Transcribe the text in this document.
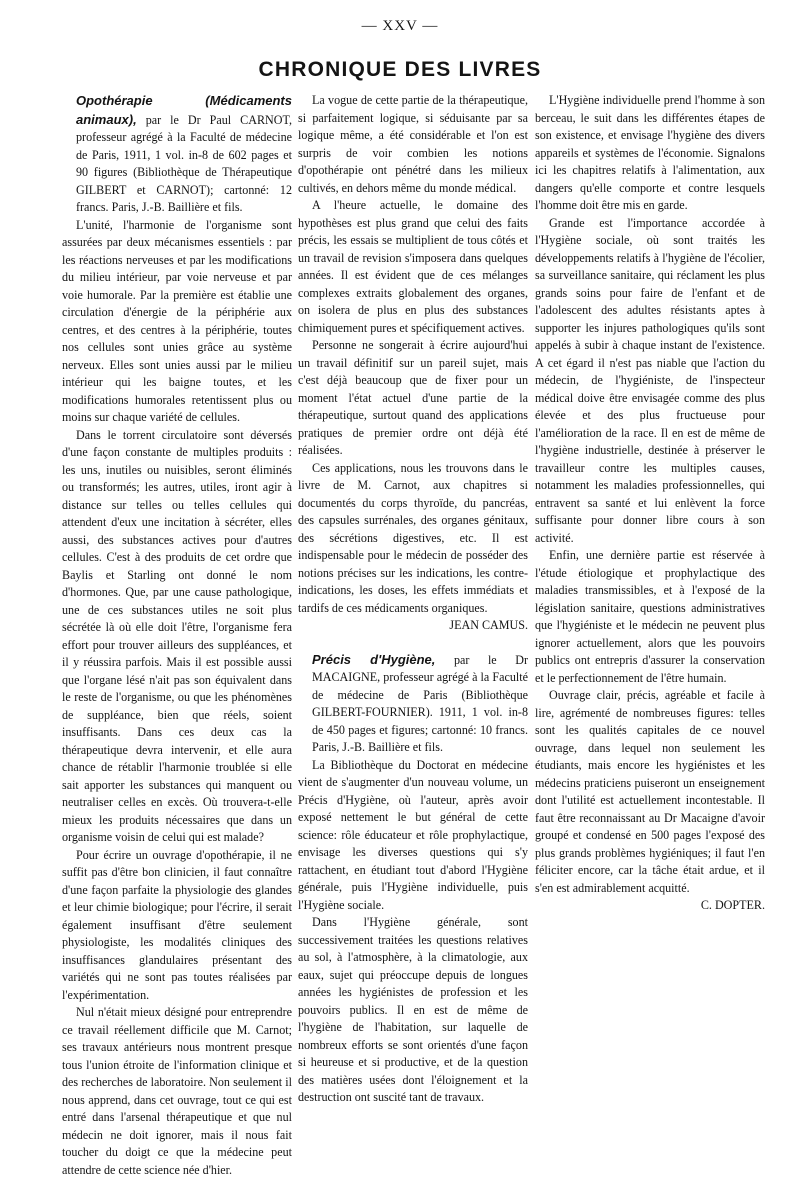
— XXV —
CHRONIQUE DES LIVRES

Opothérapie (Médicaments animaux), par le Dr Paul CARNOT, professeur agrégé à la Faculté de médecine de Paris, 1911, 1 vol. in-8 de 602 pages et 90 figures (Bibliothèque de Thérapeutique GILBERT et CARNOT); cartonné: 12 francs. Paris, J.-B. Baillière et fils.

L'unité, l'harmonie de l'organisme sont assurées par deux mécanismes essentiels : par les réactions nerveuses et par les modifications du milieu intérieur, par voie nerveuse et par voie humorale. Par la première est établie une circulation d'énergie de la périphérie aux centres, et des centres à la périphérie, toutes nos cellules sont unies grâce au système nerveux. Elles sont unies aussi par le milieu intérieur qui les baigne toutes, et les modifications humorales retentissent plus ou moins sur chaque variété de cellules.

Dans le torrent circulatoire sont déversés d'une façon constante de multiples produits : les uns, inutiles ou nuisibles, seront éliminés ou transformés; les autres, utiles, iront agir à distance sur telles ou telles cellules qui attendent d'eux une incitation à sécréter, elles aussi, des substances actives pour d'autres cellules. C'est à des produits de cet ordre que Baylis et Starling ont donné le nom d'hormones. Que, par une cause pathologique, une de ces substances utiles ne soit plus sécrétée là où elle doit l'être, l'organisme fera effort pour trouver ailleurs des suppléances, et il y réussira parfois. Mais il est possible aussi que l'organe lésé n'ait pas son équivalent dans le reste de l'organisme, ou que les phénomènes de suppléance, bien que réels, soient insuffisants. Dans ces deux cas la thérapeutique devra intervenir, et elle aura chance de rétablir l'harmonie troublée si elle sait apporter les substances qui manquent ou neutraliser celles en excès. Où trouvera-t-elle mieux les produits nécessaires que dans un organisme voisin de celui qui est malade?

Pour écrire un ouvrage d'opothérapie, il ne suffit pas d'être bon clinicien, il faut connaître d'une façon parfaite la physiologie des glandes et leur chimie biologique; pour l'écrire, il serait également insuffisant d'être seulement physiologiste, les modalités cliniques des insuffisances glandulaires présentant des variétés qui ne sont pas toutes réalisées par l'expérimentation.

Nul n'était mieux désigné pour entreprendre ce travail réellement difficile que M. Carnot; ses travaux antérieurs nous montrent presque tous l'union étroite de l'information clinique et des recherches de laboratoire. Non seulement il nous apprend, dans cet ouvrage, tout ce qui est entré dans l'arsenal thérapeutique et que nul médecin ne doit ignorer, mais il nous fait toucher du doigt ce que la médecine peut attendre de cette science née d'hier.

La vogue de cette partie de la thérapeutique, si parfaitement logique, si séduisante par sa logique même, a été considérable et l'on est surpris de voir combien les notions d'opothérapie ont pénétré dans les milieux cultivés, en dehors même du monde médical.

A l'heure actuelle, le domaine des hypothèses est plus grand que celui des faits précis, les essais se multiplient de tous côtés et un travail de revision s'imposera dans quelques années. Il est évident que de ces mélanges complexes extraits globalement des organes, on isolera de plus en plus des substances chimiquement pures et spécifiquement actives.

Personne ne songerait à écrire aujourd'hui un travail définitif sur un pareil sujet, mais c'est déjà beaucoup que de fixer pour un moment l'état actuel d'une partie de la thérapeutique, surtout quand des applications pratiques de premier ordre ont déjà été réalisées.

Ces applications, nous les trouvons dans le livre de M. Carnot, aux chapitres si documentés du corps thyroïde, du pancréas, des capsules surrénales, des organes génitaux, des sécrétions digestives, etc. Il est indispensable pour le médecin de posséder des notions précises sur les indications, les contre-indications, les doses, les effets immédiats et tardifs de ces médicaments organiques.

JEAN CAMUS.

Précis d'Hygiène, par le Dr MACAIGNE, professeur agrégé à la Faculté de médecine de Paris (Bibliothèque GILBERT-FOURNIER). 1911, 1 vol. in-8 de 450 pages et figures; cartonné: 10 francs. Paris, J.-B. Baillière et fils.

La Bibliothèque du Doctorat en médecine vient de s'augmenter d'un nouveau volume, un Précis d'Hygiène, où l'auteur, après avoir exposé nettement le but général de cette science: rôle éducateur et rôle prophylactique, envisage les diverses questions qui s'y rattachent, en étudiant tout d'abord l'Hygiène générale, puis l'Hygiène individuelle, puis l'Hygiène sociale.

Dans l'Hygiène générale, sont successivement traitées les questions relatives au sol, à l'atmosphère, à la climatologie, aux eaux, sujet qui préoccupe depuis de longues années les hygiénistes de profession et les pouvoirs publics. Il en est de même de l'hygiène de l'habitation, sur laquelle de nombreux efforts se sont orientés d'une façon si heureuse et si productive, et de la question des matières usées dont l'éloignement et la destruction ont suscité tant de travaux.

L'Hygiène individuelle prend l'homme à son berceau, le suit dans les différentes étapes de son existence, et envisage l'hygiène des divers appareils et systèmes de l'économie. Signalons ici les chapitres relatifs à l'alimentation, aux dangers qu'elle comporte et contre lesquels l'homme doit être mis en garde.

Grande est l'importance accordée à l'Hygiène sociale, où sont traités les développements relatifs à l'hygiène de l'écolier, sa surveillance sanitaire, qui réclament les plus grands soins pour faire de l'enfant et de l'adolescent des adultes résistants aptes à supporter les injures pathologiques qu'ils sont appelés à subir à chaque instant de l'existence. A cet égard il n'est pas niable que l'action du médecin, de l'hygiéniste, de l'inspecteur médical doive être envisagée comme des plus élevée et des plus fructueuse pour l'amélioration de la race. Il en est de même de l'hygiène industrielle, destinée à préserver le travailleur contre les multiples causes, notamment les maladies professionnelles, qui entravent sa santé et lui enlèvent la force suffisante pour donner libre cours à son activité.

Enfin, une dernière partie est réservée à l'étude étiologique et prophylactique des maladies transmissibles, et à l'exposé de la législation sanitaire, questions administratives que l'hygiéniste et le médecin ne peuvent plus ignorer actuellement, alors que les pouvoirs publics ont entrepris d'assurer la conservation et le perfectionnement de l'être humain.

Ouvrage clair, précis, agréable et facile à lire, agrémenté de nombreuses figures: telles sont les qualités capitales de ce nouvel ouvrage, dans lequel non seulement les étudiants, mais encore les hygiénistes et les médecins praticiens puiseront un enseignement dont l'utilité est actuellement incontestable. Il faut être reconnaissant au Dr Macaigne d'avoir groupé et condensé en 500 pages l'exposé des plus grands problèmes hygiéniques; il faut l'en féliciter encore, car la tâche était ardue, et il s'en est admirablement acquitté.

C. DOPTER.
